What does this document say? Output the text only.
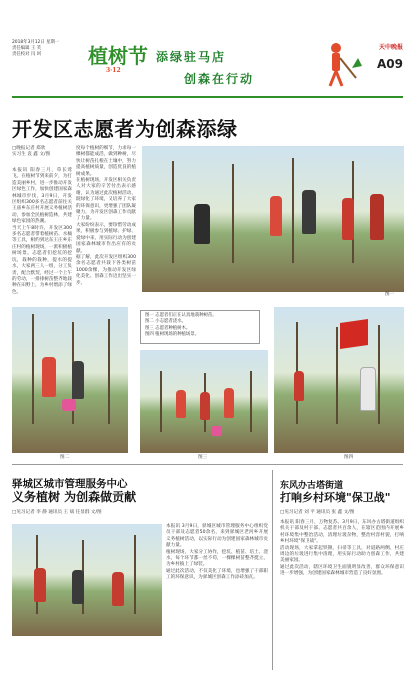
2018年3月12日 星期一
责任编辑 王 笑
责任校对 闫 珂	植树节
3·12
添绿驻马店
创森在行动
天中晚报
A09
开发区志愿者为创森添绿
□晚报记者 郑欣
实习生 袁 鑫 文/图
本报讯 阳春三月，草长莺飞。在植树节到来前夕，为打造美丽乡村，进一步推动开发区绿色工作，加快创建国家森林城市步伐，3月9日，开发区组织300多名志愿者前往关王庙乡东庄村开展义务植树活动，参加全民植树造林，共建绿色家园的热潮。
当天上午8时许，开发区300多名志愿者带着植树苗、水桶等工具，相约到达东王庄乡东庄村的植树现场，一派积极植树场景。志愿者们挖坑的挖坑，栽种的栽种，提水的提水，大家两三人一组，分工负责，配合默契，经过一个上午的劳动，一排排树苗整齐地栽种在田野上，为乡村增添了绿色。
度每个植树的细节，力求每一棵树都能成活，做到种树，尽快让树苗扎根在土壤中，努力提高植树质量，创造优良的植树成果。
在植树现场，开发区相关负责人对大家的辛苦付出表示感谢，认为通过此次植树活动，既绿化了环境，又培养了大家的环保意识，更增强了团队凝聚力，为开发区创森工作贡献了力量。
大家纷纷表示，要珍惜劳动成果，积极参与到植绿、护绿、爱绿中来，用实际行动为创建国家森林城市作出应有的贡献。
据了解，此次开发区组织300余名志愿者共栽下各类树苗1000余棵，为推动开发区绿化美化、创森工作迈出坚实一步。
图一
图二
图一 志愿者们正在认真地栽种树苗。
图二 小志愿者浇水。
图三 志愿者种植树木。
图四 植树现场的种植场景。
图三	图四
驿城区城市管理服务中心
义务植树 为创森做贡献
□见习记者 李 静 通讯员 王 斌 任显群 文/图
本报讯 3月9日，驿城区城市管理服务中心组织党员干部及志愿者50余名，来到驿城区老河乡开展义务植树活动，以实际行动为创建国家森林城市贡献力量。
植树现场，大家分工协作，挖坑、植苗、培土、浇水，每个环节都一丝不苟，一棵棵树苗整齐挺立，为乡村披上了绿装。
通过此次活动，不仅美化了环境，也增强了干部职工的环保意识，为驿城区创森工作添砖加瓦。
东风办古塔街道
打响乡村环境"保卫战"
□见习记者 刘 平 通讯员 张 鑫 文/图
本报讯 阳春三月，万物复苏。3月9日，东风办古塔街道组织机关干部及村干部、志愿者共百余人，在辖区范围内开展乡村环境集中整治活动，清理垃圾杂物，整治村容村貌，打响乡村环境"保卫战"。
活动现场，大家拿起铁锹、扫帚等工具，对道路两侧、村庄周边的垃圾进行集中清理，用实际行动助力创森工作，共建美丽家园。
通过此次活动，辖区环境卫生面貌明显改善，群众环保意识进一步增强，为创建国家森林城市营造了良好氛围。
